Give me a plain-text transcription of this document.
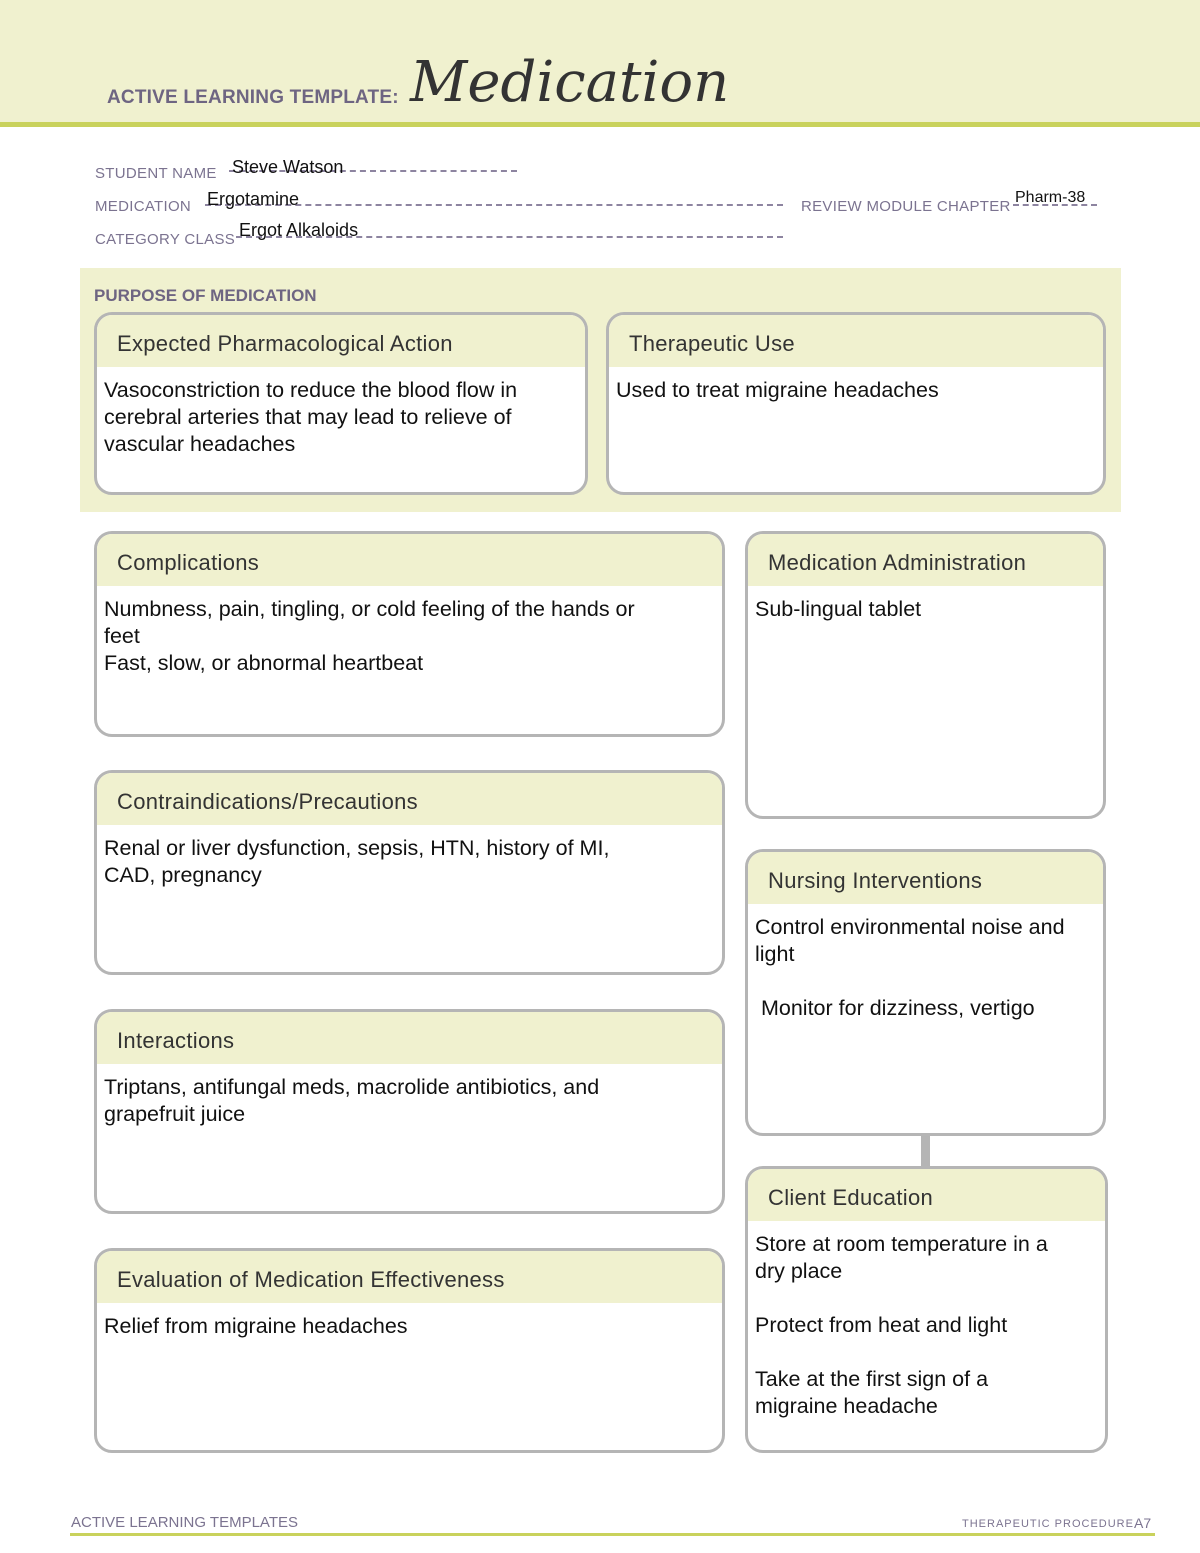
ACTIVE LEARNING TEMPLATE: Medication
STUDENT NAME Steve Watson
MEDICATION Ergotamine
CATEGORY CLASS Ergot Alkaloids
REVIEW MODULE CHAPTER
Pharm-38
PURPOSE OF MEDICATION
Expected Pharmacological Action
Vasoconstriction to reduce the blood flow in
cerebral arteries that may lead to relieve of
vascular headaches
Therapeutic Use
Used to treat migraine headaches
Complications
Numbness, pain, tingling, or cold feeling of the hands or
feet
Fast, slow, or abnormal heartbeat
Contraindications/Precautions
Renal or liver dysfunction, sepsis, HTN, history of MI,
CAD, pregnancy
Interactions
Triptans, antifungal meds, macrolide antibiotics, and
grapefruit juice
Evaluation of Medication Effectiveness
Relief from migraine headaches
Medication Administration
Sub-lingual tablet
Nursing Interventions
Control environmental noise and
light

Monitor for dizziness, vertigo
Client Education
Store at room temperature in a
dry place

Protect from heat and light

Take at the first sign of a
migraine headache
ACTIVE LEARNING TEMPLATES	THERAPEUTIC PROCEDURE A7
